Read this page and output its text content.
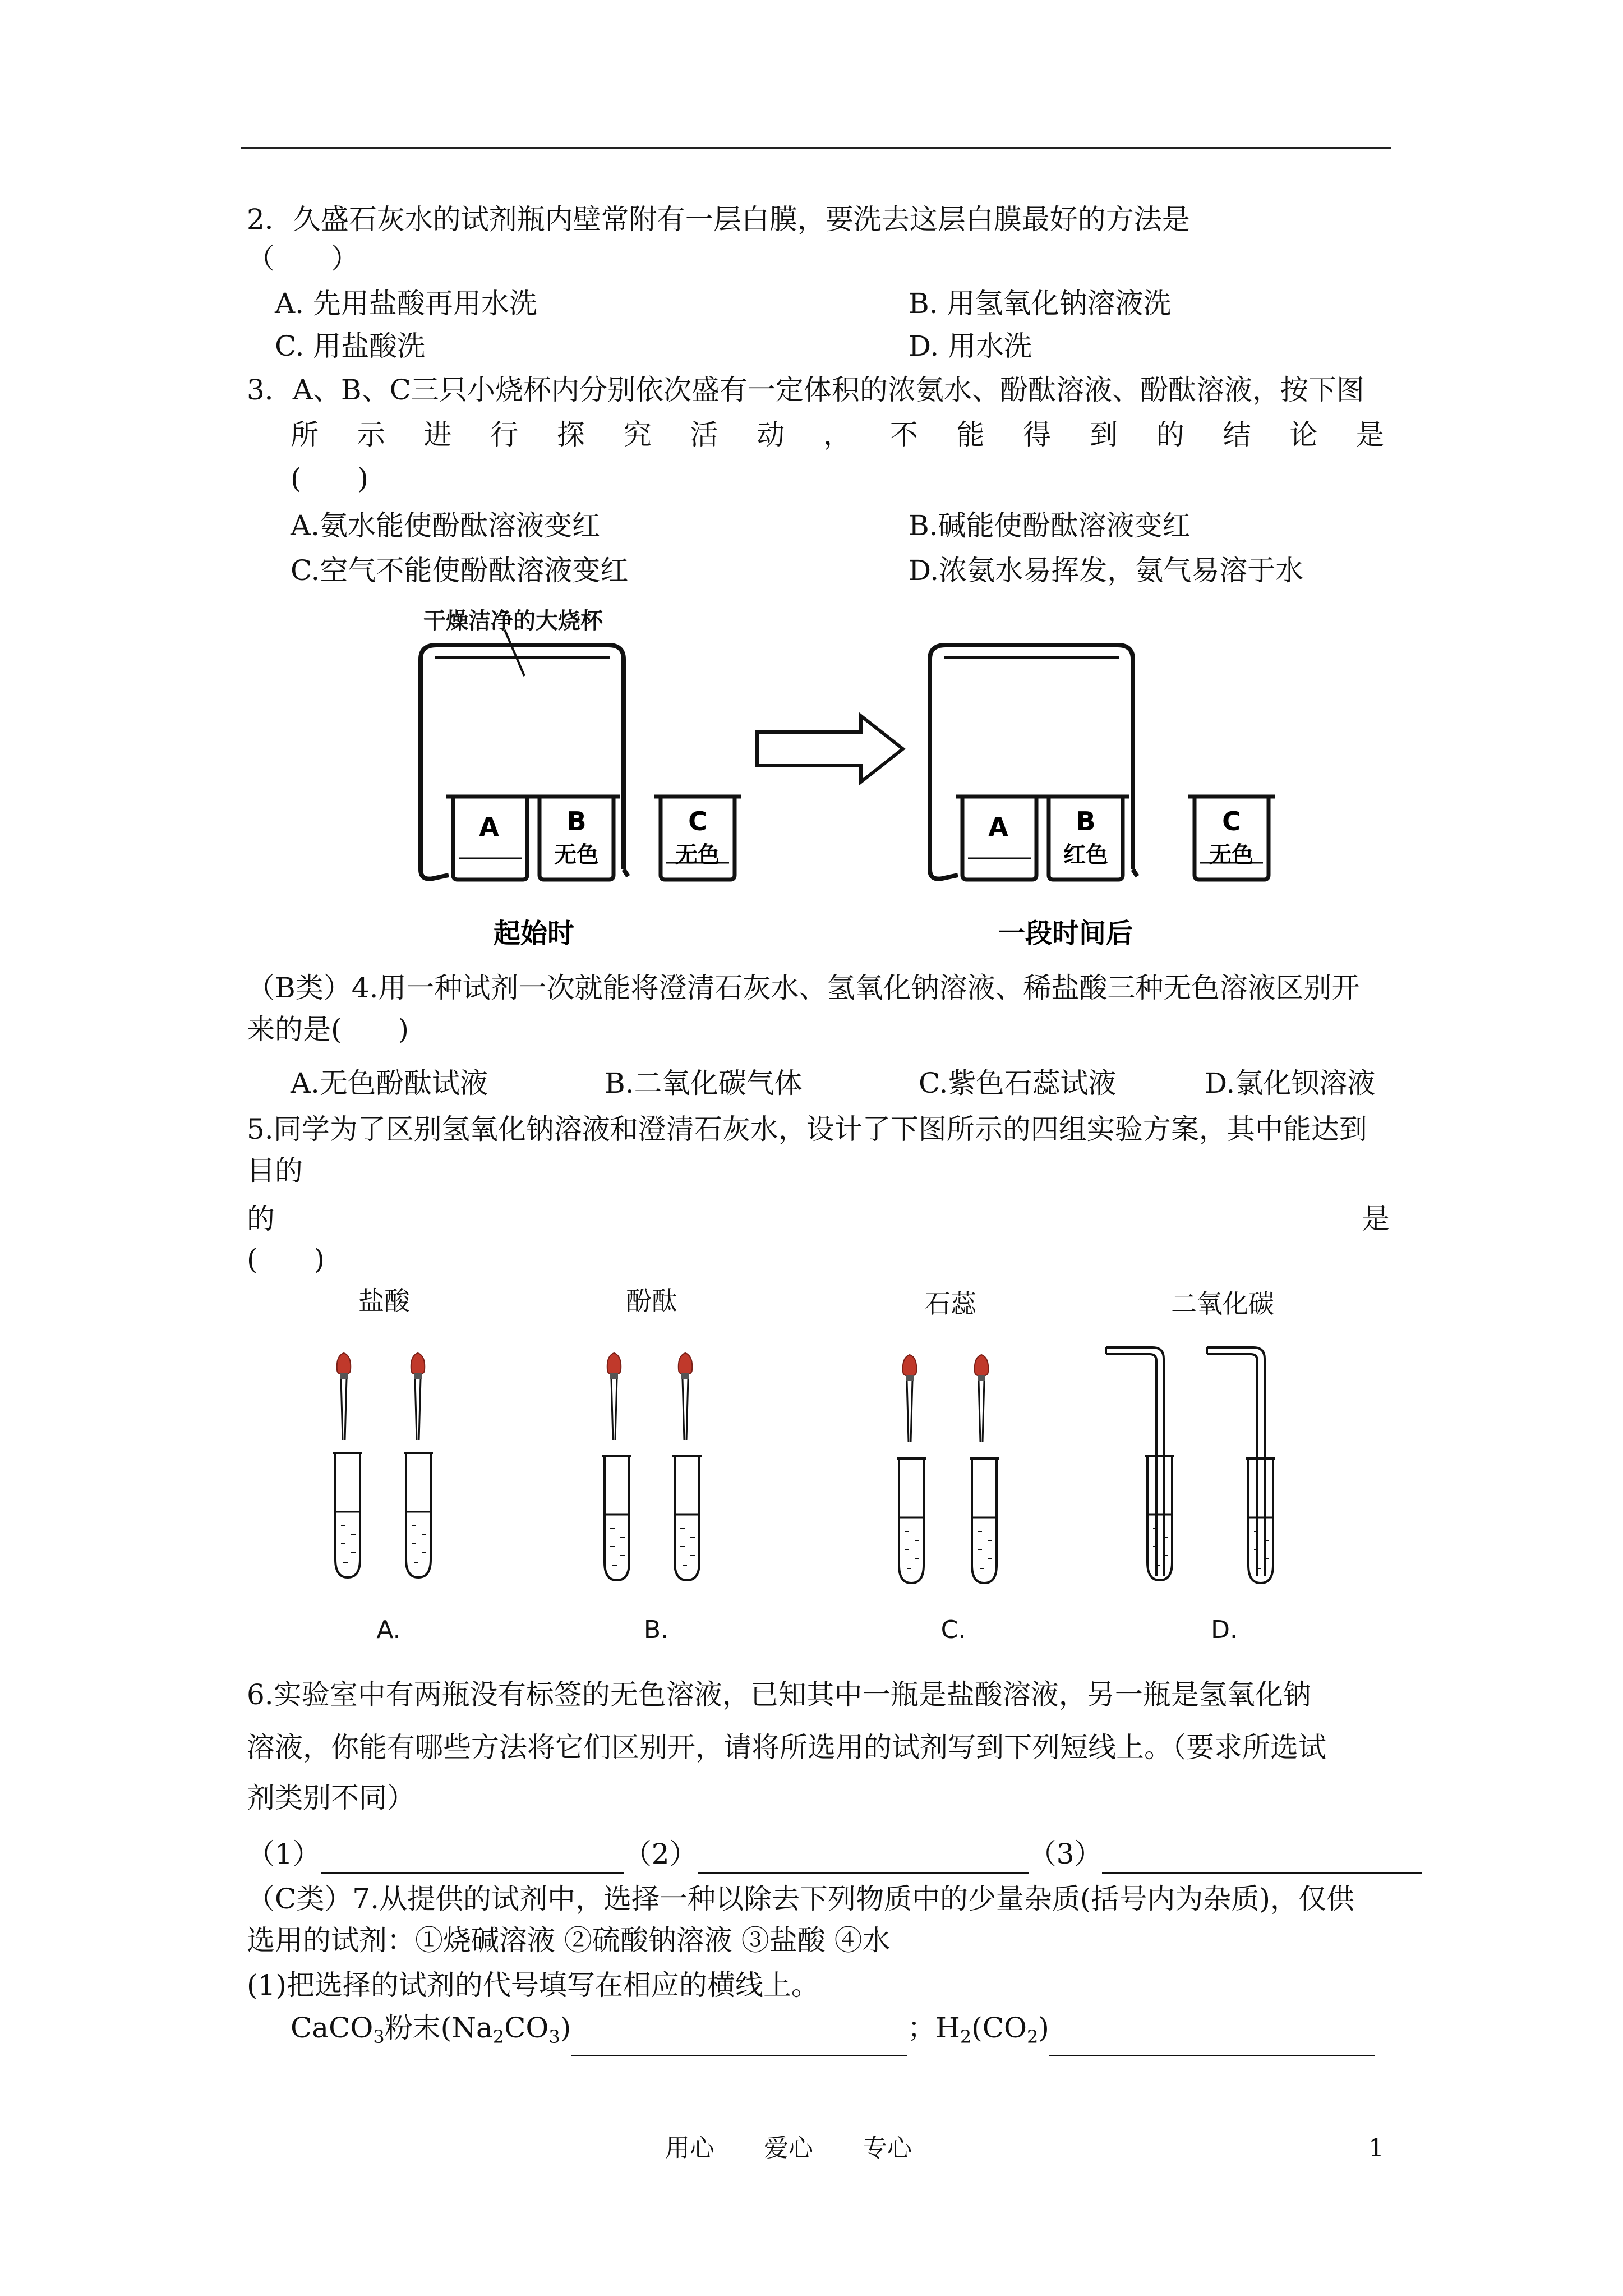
2．久盛石灰水的试剂瓶内壁常附有一层白膜，要洗去这层白膜最好的方法是
（　　）
A. 先用盐酸再用水洗	B. 用氢氧化钠溶液洗
C. 用盐酸洗	D. 用水洗
3．A、B、C三只小烧杯内分别依次盛有一定体积的浓氨水、酚酞溶液、酚酞溶液，按下图
所 示 进 行 探 究 活 动 ， 不 能 得 到 的 结 论 是
(　　)
A.氨水能使酚酞溶液变红	B.碱能使酚酞溶液变红
C.空气不能使酚酞溶液变红	D.浓氨水易挥发，氨气易溶于水
干燥洁净的大烧杯
A	B
无色
C
无色
A	B
红色
C
无色
起始时	一段时间后
（B类）4.用一种试剂一次就能将澄清石灰水、氢氧化钠溶液、稀盐酸三种无色溶液区别开
来的是(　　)
A.无色酚酞试液	B.二氧化碳气体	C.紫色石蕊试液	D.氯化钡溶液
5.同学为了区别氢氧化钠溶液和澄清石灰水，设计了下图所示的四组实验方案，其中能达到
目的
的	是
(　　)
盐酸	酚酞	石蕊	二氧化碳
A.	B.	C.	D.
6.实验室中有两瓶没有标签的无色溶液，已知其中一瓶是盐酸溶液，另一瓶是氢氧化钠
溶液，你能有哪些方法将它们区别开，请将所选用的试剂写到下列短线上。（要求所选试
剂类别不同）
（1）	（2）	（3）
（C类）7.从提供的试剂中，选择一种以除去下列物质中的少量杂质(括号内为杂质)，仅供
选用的试剂：①烧碱溶液 ②硫酸钠溶液 ③盐酸 ④水
(1)把选择的试剂的代号填写在相应的横线上。
CaCO$_3$粉末$(Na_2CO_3)$	；$H_2(CO_2)$
用心　　爱心　　专心	1
